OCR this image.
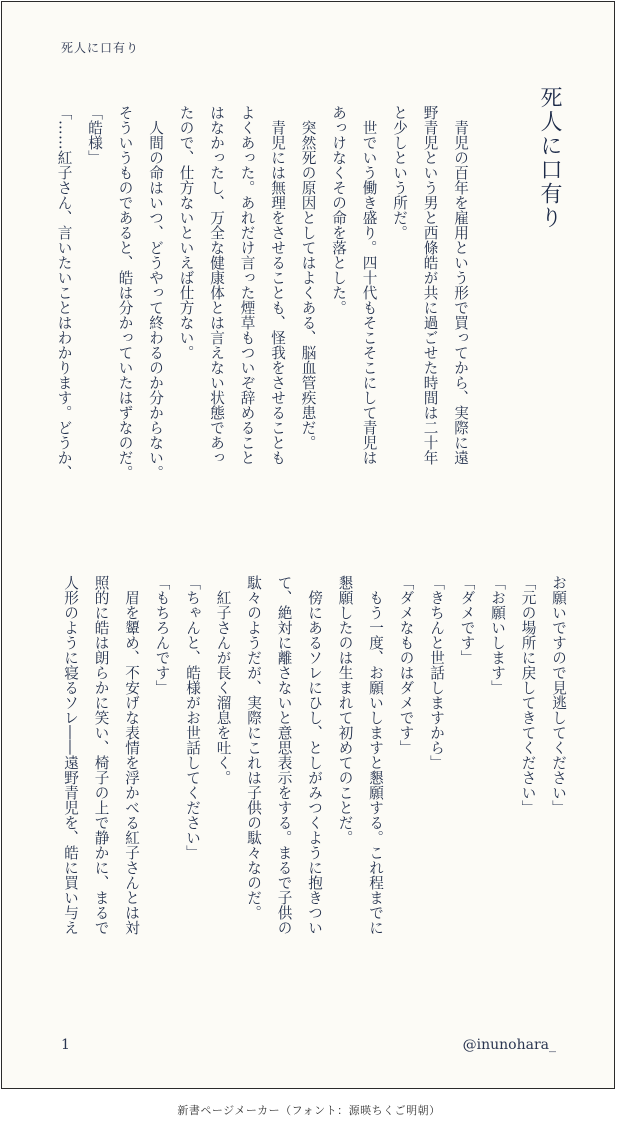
死人に口有り
死人に口有り

　青児の百年を雇用という形で買ってから、実際に遠

野青児という男と西條皓が共に過ごせた時間は二十年

と少しという所だ。

　世でいう働き盛り。四十代もそこそこにして青児は

あっけなくその命を落とした。

　突然死の原因としてはよくある、脳血管疾患だ。

　青児には無理をさせることも、怪我をさせることも

よくあった。あれだけ言った煙草もついぞ辞めること

はなかったし、万全な健康体とは言えない状態であっ

たので、仕方ないといえば仕方ない。

　人間の命はいつ、どうやって終わるのか分からない。

そういうものであると、皓は分かっていたはずなのだ。

「皓様」

「……紅子さん、言いたいことはわかります。どうか、

お願いですので見逃してください」

「元の場所に戻してきてください」

「お願いします」

「ダメです」

「きちんと世話しますから」

「ダメなものはダメです」

　もう一度、お願いしますと懇願する。これ程までに

懇願したのは生まれて初めてのことだ。

　傍にあるソレにひし、としがみつくように抱きつい

て、絶対に離さないと意思表示をする。まるで子供の

駄々のようだが、実際にこれは子供の駄々なのだ。

　紅子さんが長く溜息を吐く。

「ちゃんと、皓様がお世話してください」

「もちろんです」

　眉を顰め、不安げな表情を浮かべる紅子さんとは対

照的に皓は朗らかに笑い、椅子の上で静かに、まるで

人形のように寝るソレ――遠野青児を、皓に買い与え

1	@inunohara_
新書ページメーカー（フォント：源暎ちくご明朝）
